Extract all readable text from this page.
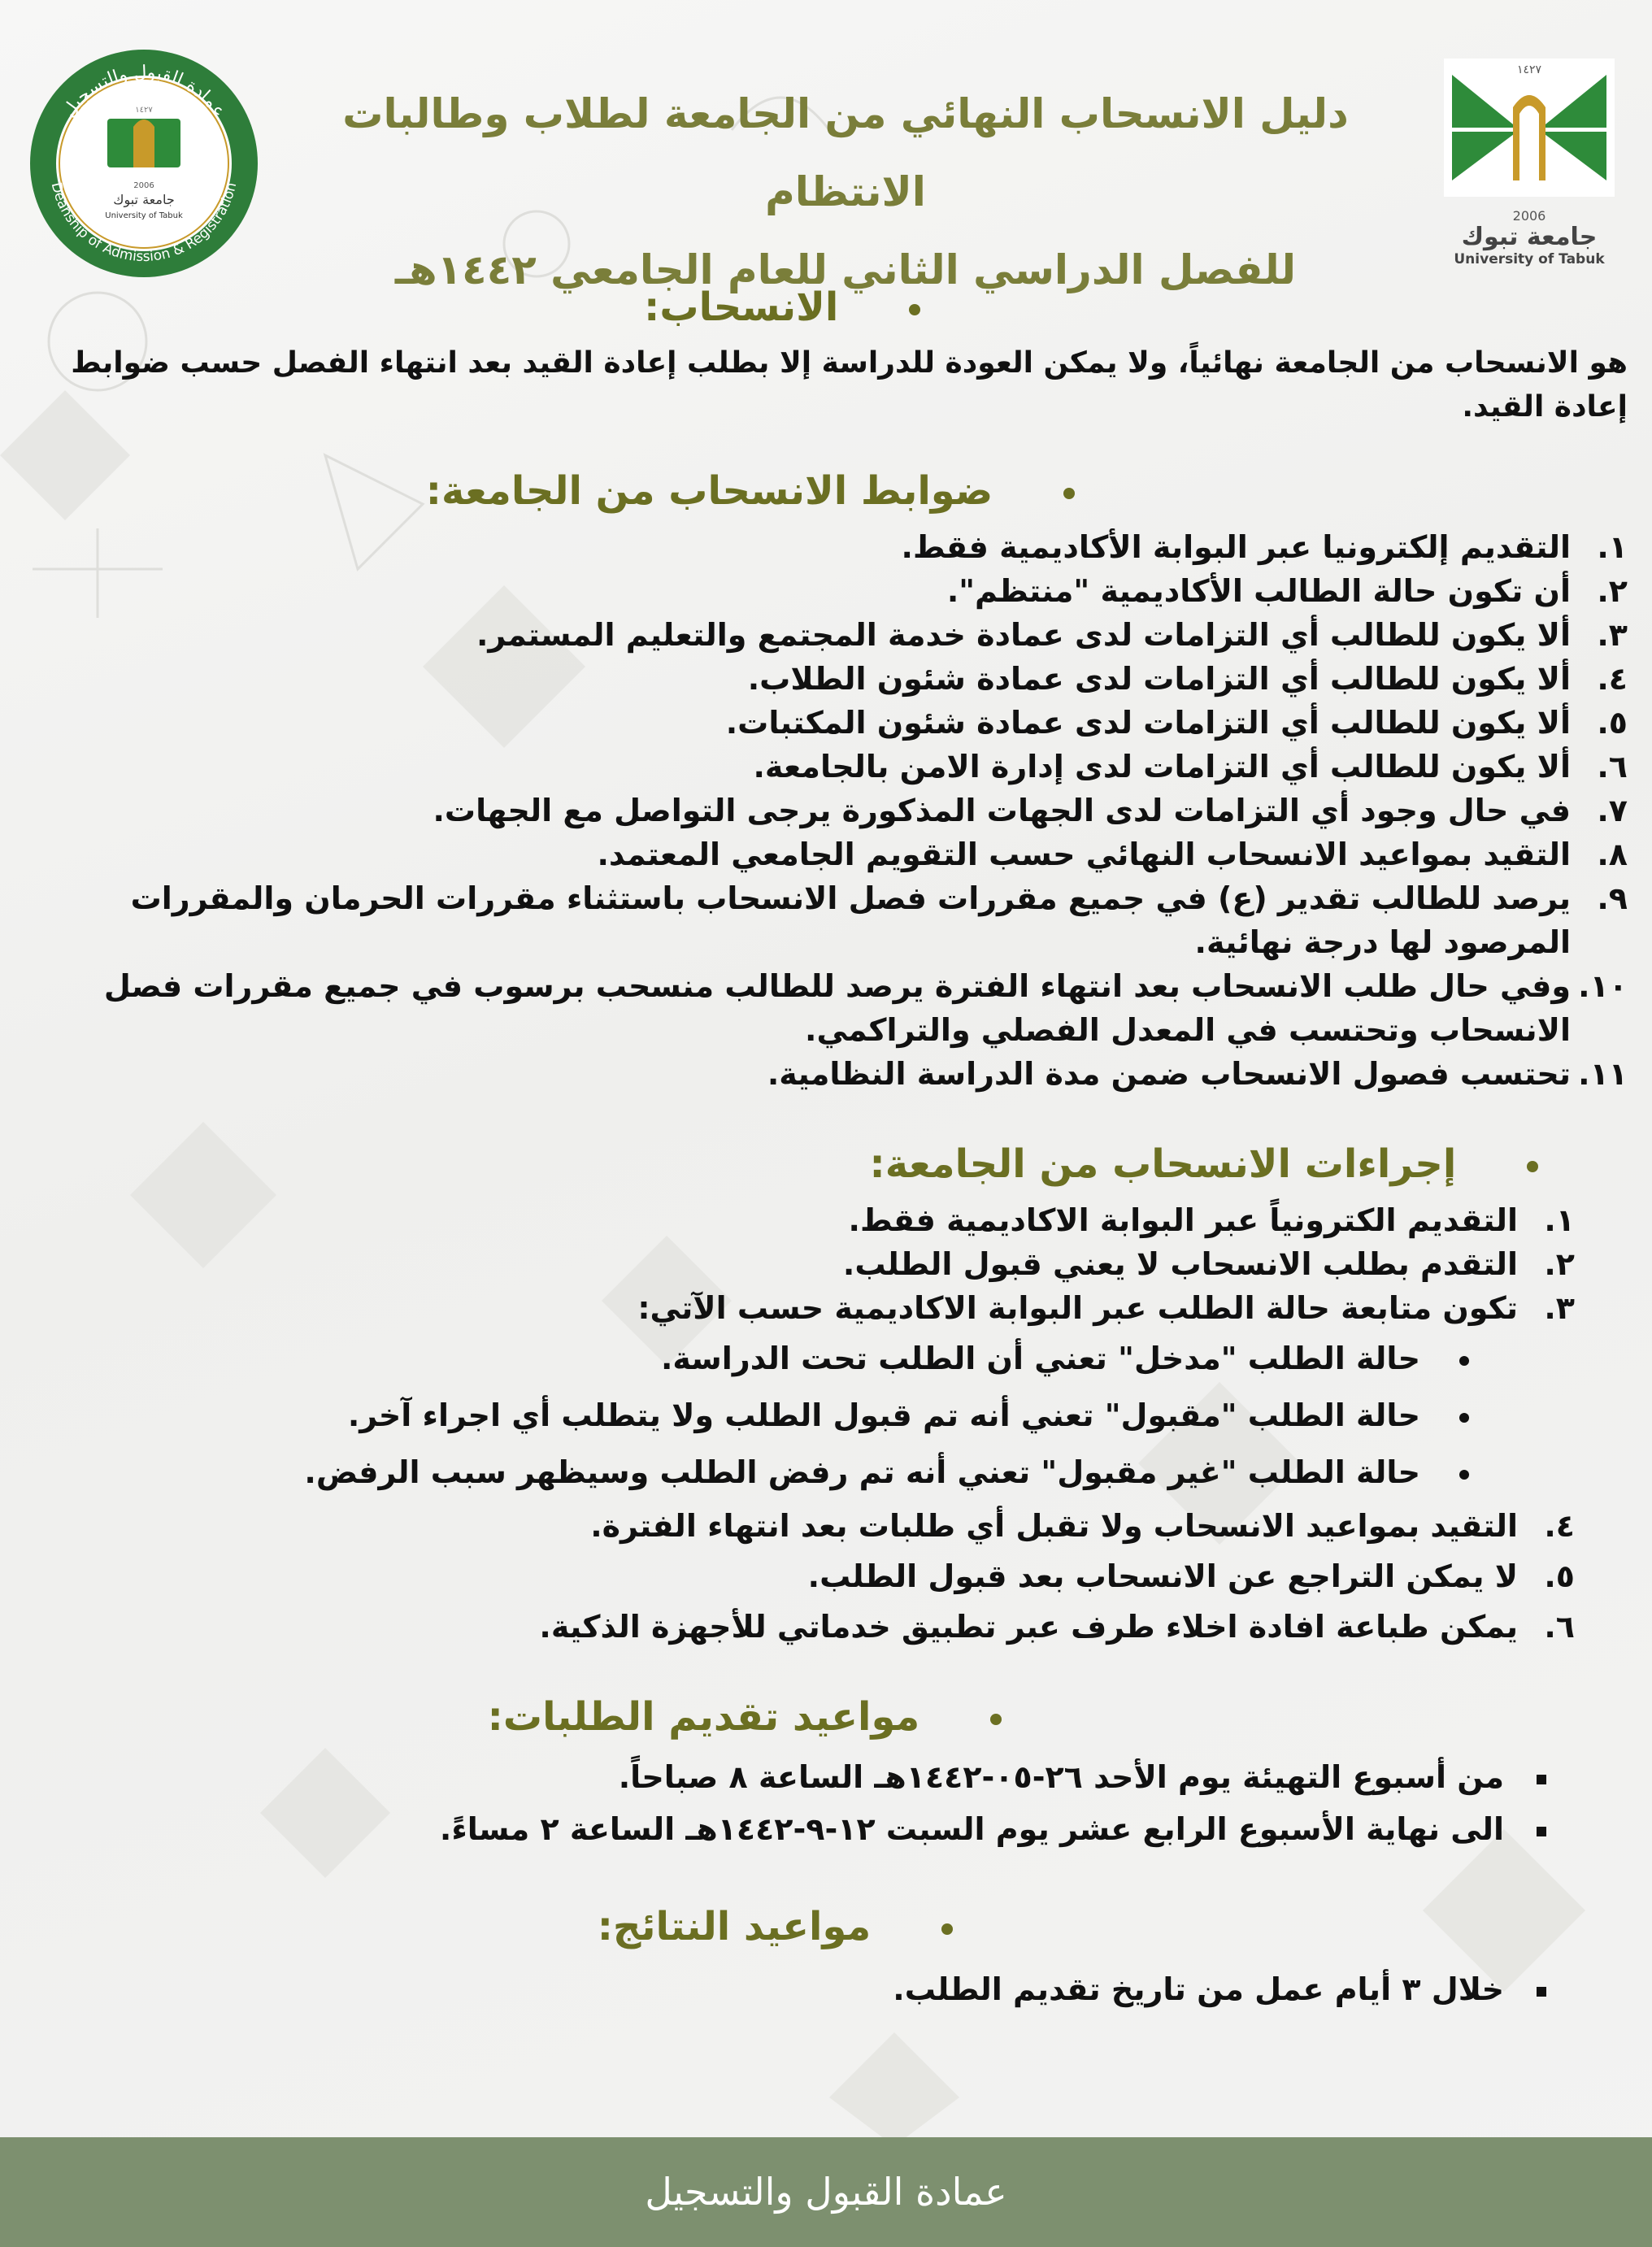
2006
جامعة تبوك
University of Tabuk
١٤٢٧
عمادة القبول والتسجيل
Deanship of Admission & Registration
دليل الانسحاب النهائي من الجامعة لطلاب وطالبات الانتظام
للفصل الدراسي الثاني للعام الجامعي ١٤٤٢هـ
١٤٢٧
2006
جامعة تبوك
University of Tabuk
الانسحاب:
هو الانسحاب من الجامعة نهائياً، ولا يمكن العودة للدراسة إلا بطلب إعادة القيد بعد انتهاء الفصل حسب ضوابط إعادة القيد.
ضوابط الانسحاب من الجامعة:
١.التقديم إلكترونيا عبر البوابة الأكاديمية فقط.
٢.أن تكون حالة الطالب الأكاديمية "منتظم".
٣.ألا يكون للطالب أي التزامات لدى عمادة خدمة المجتمع والتعليم المستمر.
٤.ألا يكون للطالب أي التزامات لدى عمادة شئون الطلاب.
٥.ألا يكون للطالب أي التزامات لدى عمادة شئون المكتبات.
٦.ألا يكون للطالب أي التزامات لدى إدارة الامن بالجامعة.
٧.في حال وجود أي التزامات لدى الجهات المذكورة يرجى التواصل مع الجهات.
٨.التقيد بمواعيد الانسحاب النهائي حسب التقويم الجامعي المعتمد.
٩.
يرصد للطالب تقدير (ع) في جميع مقررات فصل الانسحاب باستثناء مقررات الحرمان والمقررات المرصود لها درجة نهائية.
١٠.
وفي حال طلب الانسحاب بعد انتهاء الفترة يرصد للطالب منسحب برسوب في جميع مقررات فصل الانسحاب وتحتسب في المعدل الفصلي والتراكمي.
١١.تحتسب فصول الانسحاب ضمن مدة الدراسة النظامية.
إجراءات الانسحاب من الجامعة:
١.التقديم الكترونياً عبر البوابة الاكاديمية فقط.
٢.التقدم بطلب الانسحاب لا يعني قبول الطلب.
٣.تكون متابعة حالة الطلب عبر البوابة الاكاديمية حسب الآتي:
حالة الطلب "مدخل" تعني أن الطلب تحت الدراسة.
حالة الطلب "مقبول" تعني أنه تم قبول الطلب ولا يتطلب أي اجراء آخر.
حالة الطلب "غير مقبول" تعني أنه تم رفض الطلب وسيظهر سبب الرفض.
٤.التقيد بمواعيد الانسحاب ولا تقبل أي طلبات بعد انتهاء الفترة.
٥.لا يمكن التراجع عن الانسحاب بعد قبول الطلب.
٦.يمكن طباعة افادة اخلاء طرف عبر تطبيق خدماتي للأجهزة الذكية.
مواعيد تقديم الطلبات:
من أسبوع التهيئة يوم الأحد ٢٦-٠٥-١٤٤٢هـ الساعة ٨ صباحاً.
الى نهاية الأسبوع الرابع عشر يوم السبت ١٢-٩-١٤٤٢هـ الساعة ٢ مساءً.
مواعيد النتائج:
خلال ٣ أيام عمل من تاريخ تقديم الطلب.
عمادة القبول والتسجيل
